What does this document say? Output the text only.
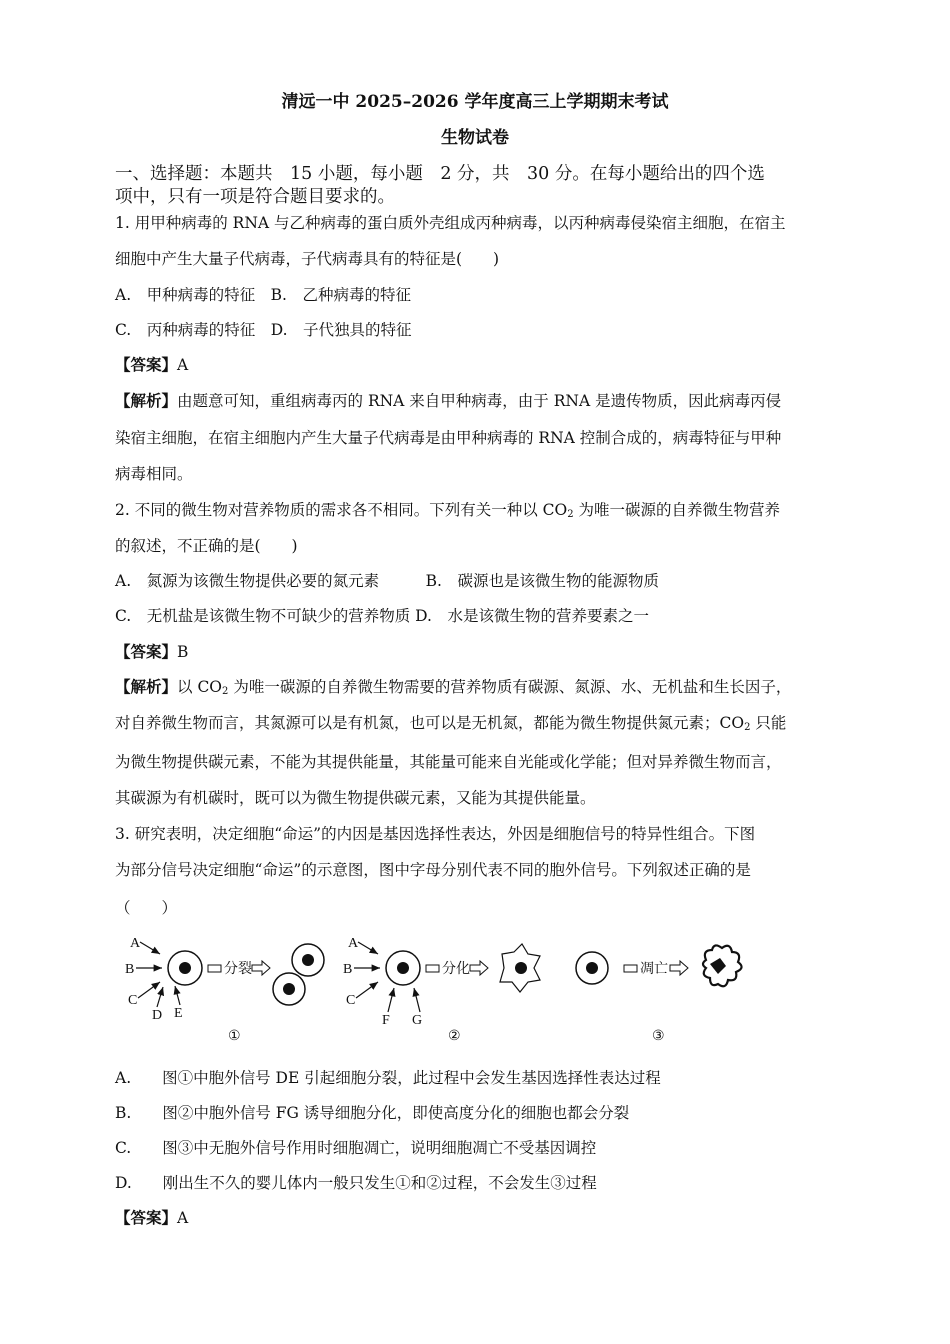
清远一中 2025–2026 学年度高三上学期期末考试
生物试卷
一、选择题：本题共　15 小题，每小题　2 分，共　30 分。在每小题给出的四个选
项中，只有一项是符合题目要求的。
1. 用甲种病毒的 RNA 与乙种病毒的蛋白质外壳组成丙种病毒，以丙种病毒侵染宿主细胞，在宿主
细胞中产生大量子代病毒，子代病毒具有的特征是(　　)
A.　甲种病毒的特征　B.　乙种病毒的特征
C.　丙种病毒的特征　D.　子代独具的特征
【答案】A
【解析】由题意可知，重组病毒丙的 RNA 来自甲种病毒，由于 RNA 是遗传物质，因此病毒丙侵
染宿主细胞，在宿主细胞内产生大量子代病毒是由甲种病毒的 RNA 控制合成的，病毒特征与甲种
病毒相同。
2. 不同的微生物对营养物质的需求各不相同。下列有关一种以 $CO_2$ 为唯一碳源的自养微生物营养
的叙述，不正确的是(　　)
A.　氮源为该微生物提供必要的氮元素　　　B.　碳源也是该微生物的能源物质
C.　无机盐是该微生物不可缺少的营养物质 D.　水是该微生物的营养要素之一
【答案】B
【解析】以 $CO_2$ 为唯一碳源的自养微生物需要的营养物质有碳源、氮源、水、无机盐和生长因子，
对自养微生物而言，其氮源可以是有机氮，也可以是无机氮，都能为微生物提供氮元素；$CO_2$ 只能
为微生物提供碳元素，不能为其提供能量，其能量可能来自光能或化学能；但对异养微生物而言，
其碳源为有机碳时，既可以为微生物提供碳元素，又能为其提供能量。
3. 研究表明，决定细胞“命运”的内因是基因选择性表达，外因是细胞信号的特异性组合。下图
为部分信号决定细胞“命运”的示意图，图中字母分别代表不同的胞外信号。下列叙述正确的是
（　　）
A.　　图①中胞外信号 DE 引起细胞分裂，此过程中会发生基因选择性表达过程
B.　　图②中胞外信号 FG 诱导细胞分化，即使高度分化的细胞也都会分裂
C.　　图③中无胞外信号作用时细胞凋亡，说明细胞凋亡不受基因调控
D.　　刚出生不久的婴儿体内一般只发生①和②过程，不会发生③过程
【答案】A
A
B
C
D E
分裂
①
A
B
C
F G
分化
②
凋亡
③
